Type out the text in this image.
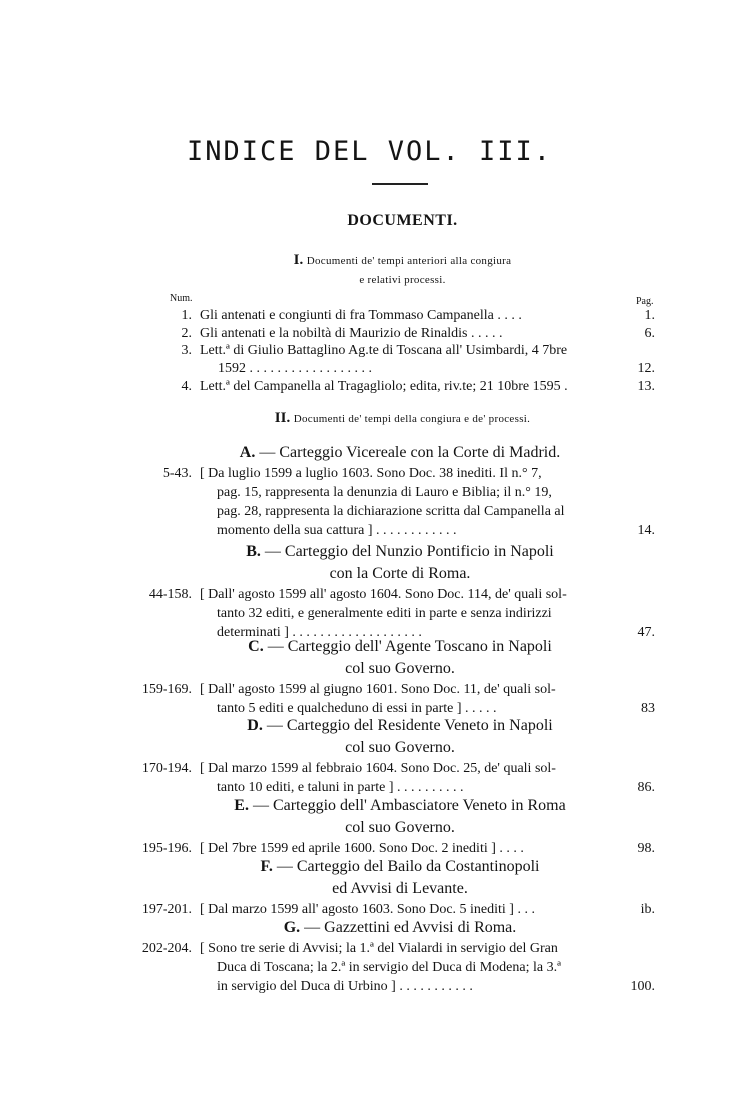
INDICE DEL VOL. III.
DOCUMENTI.
I. Documenti de' tempi anteriori alla congiura
e relativi processi.
Num.	Pag.
II. Documenti de' tempi della congiura e de' processi.
1. Gli antenati e congiunti di fra Tommaso Campanella . . . .	1.
2. Gli antenati e la nobiltà di Maurizio de Rinaldis . . . . .	6.
3. Lett.ª di Giulio Battaglino Ag.te di Toscana all' Usimbardi, 4 7bre
1592 . . . . . . . . . . . . . . . . . .	12.
4. Lett.ª del Campanella al Tragagliolo; edita, riv.te; 21 10bre 1595 .	13.
A. — Carteggio Vicereale con la Corte di Madrid.
5-43. [ Da luglio 1599 a luglio 1603. Sono Doc. 38 inediti. Il n.° 7,
pag. 15, rappresenta la denunzia di Lauro e Biblia; il n.° 19,
pag. 28, rappresenta la dichiarazione scritta dal Campanella al
momento della sua cattura ] . . . . . . . . . . . .	14.
B. — Carteggio del Nunzio Pontificio in Napoli
con la Corte di Roma.
44-158. [ Dall' agosto 1599 all' agosto 1604. Sono Doc. 114, de' quali sol-
tanto 32 editi, e generalmente editi in parte e senza indirizzi
determinati ] . . . . . . . . . . . . . . . . . . .	47.
C. — Carteggio dell' Agente Toscano in Napoli
col suo Governo.
159-169. [ Dall' agosto 1599 al giugno 1601. Sono Doc. 11, de' quali sol-
tanto 5 editi e qualcheduno di essi in parte ] . . . . .	83
D. — Carteggio del Residente Veneto in Napoli
col suo Governo.
170-194. [ Dal marzo 1599 al febbraio 1604. Sono Doc. 25, de' quali sol-
tanto 10 editi, e taluni in parte ] . . . . . . . . . .	86.
E. — Carteggio dell' Ambasciatore Veneto in Roma
col suo Governo.
195-196. [ Del 7bre 1599 ed aprile 1600. Sono Doc. 2 inediti ] . . . .	98.
F. — Carteggio del Bailo da Costantinopoli
ed Avvisi di Levante.
197-201. [ Dal marzo 1599 all' agosto 1603. Sono Doc. 5 inediti ] . . .	ib.
G. — Gazzettini ed Avvisi di Roma.
202-204. [ Sono tre serie di Avvisi; la 1.ª del Vialardi in servigio del Gran
Duca di Toscana; la 2.ª in servigio del Duca di Modena; la 3.ª
in servigio del Duca di Urbino ] . . . . . . . . . . .	100.
